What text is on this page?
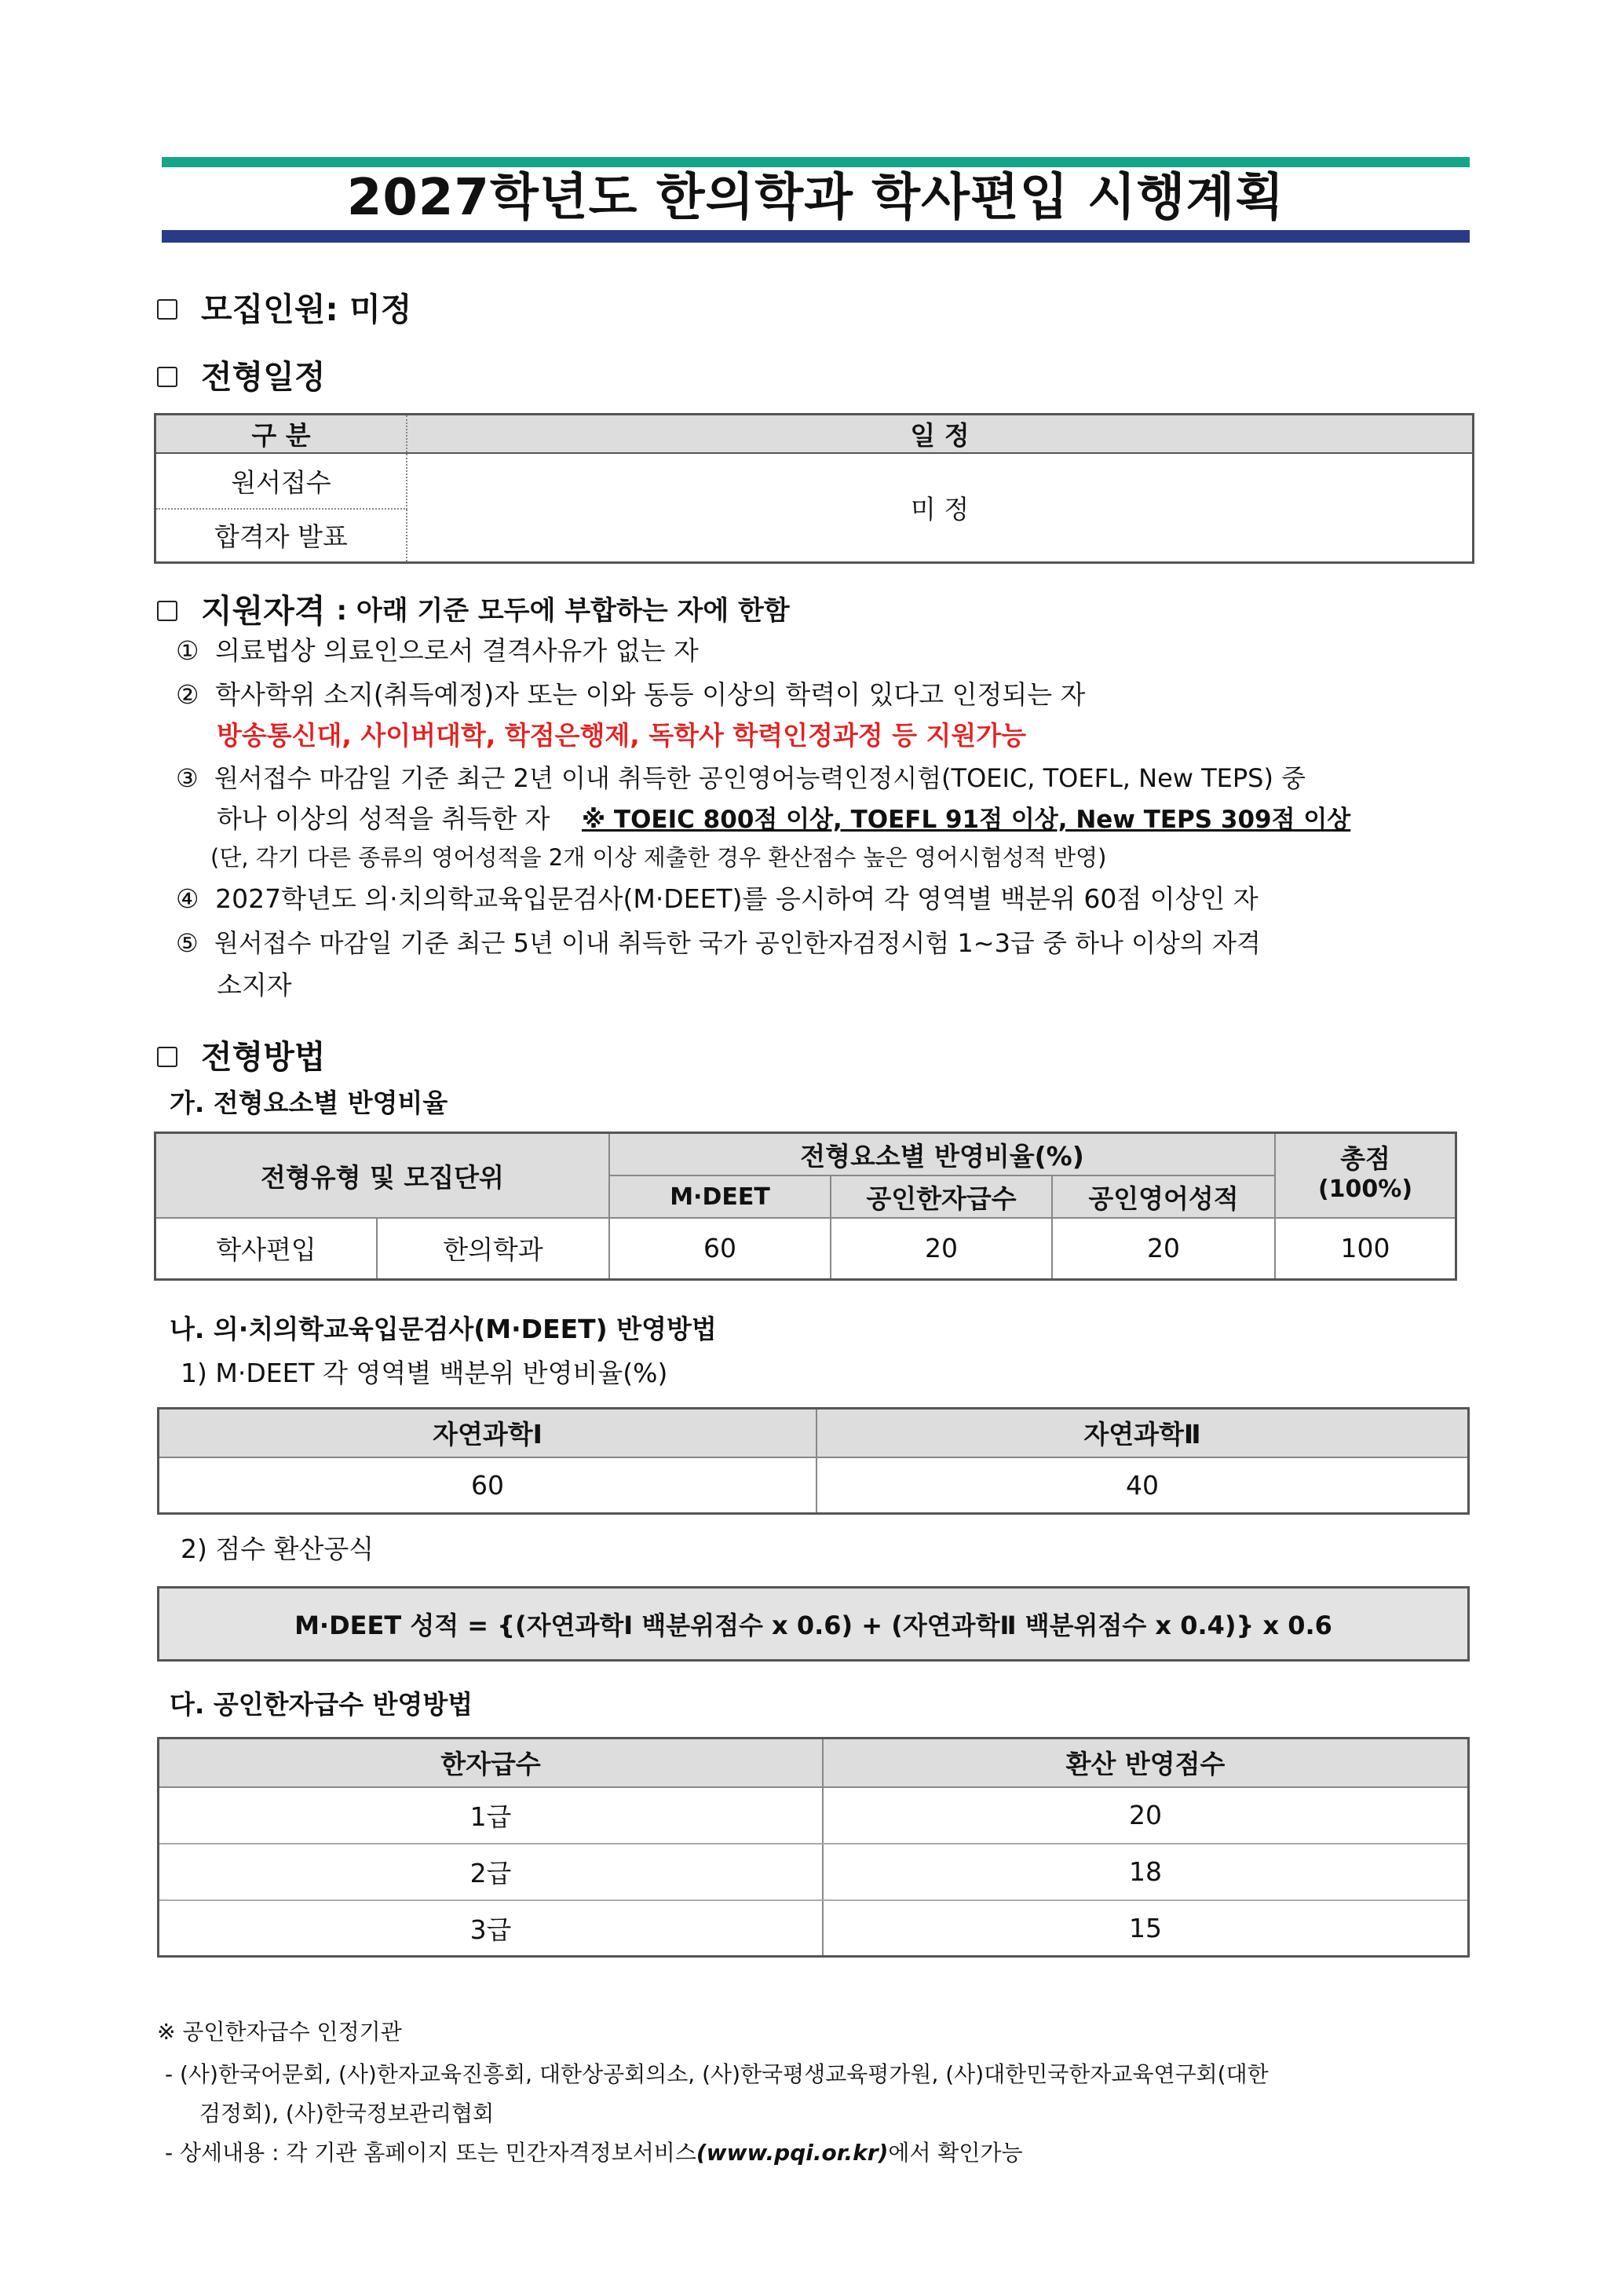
2027학년도 한의학과 학사편입 시행계획
모집인원: 미정
전형일정
구 분	일 정
원서접수	미 정
합격자 발표	
지원자격 : 아래 기준 모두에 부합하는 자에 한함
① 의료법상 의료인으로서 결격사유가 없는 자
② 학사학위 소지(취득예정)자 또는 이와 동등 이상의 학력이 있다고 인정되는 자
방송통신대, 사이버대학, 학점은행제, 독학사 학력인정과정 등 지원가능
③ 원서접수 마감일 기준 최근 2년 이내 취득한 공인영어능력인정시험(TOEIC, TOEFL, New TEPS) 중
하나 이상의 성적을 취득한 자 ※ TOEIC 800점 이상, TOEFL 91점 이상, New TEPS 309점 이상
(단, 각기 다른 종류의 영어성적을 2개 이상 제출한 경우 환산점수 높은 영어시험성적 반영)
④ 2027학년도 의·치의학교육입문검사(M·DEET)를 응시하여 각 영역별 백분위 60점 이상인 자
⑤ 원서접수 마감일 기준 최근 5년 이내 취득한 국가 공인한자검정시험 1~3급 중 하나 이상의 자격
소지자
전형방법
가. 전형요소별 반영비율
전형유형 및 모집단위		전형요소별 반영비율(%)			총점
		M·DEET	공인한자급수	공인영어성적	(100%)
학사편입	한의학과	60	20	20	100
나. 의·치의학교육입문검사(M·DEET) 반영방법
1) M·DEET 각 영역별 백분위 반영비율(%)
자연과학Ⅰ	자연과학Ⅱ
60	40
2) 점수 환산공식
M·DEET 성적 = {(자연과학Ⅰ 백분위점수 x 0.6) + (자연과학Ⅱ 백분위점수 x 0.4)} x 0.6
다. 공인한자급수 반영방법
한자급수	환산 반영점수
1급	20
2급	18
3급	15
※ 공인한자급수 인정기관
- (사)한국어문회, (사)한자교육진흥회, 대한상공회의소, (사)한국평생교육평가원, (사)대한민국한자교육연구회(대한
검정회), (사)한국정보관리협회
- 상세내용 : 각 기관 홈페이지 또는 민간자격정보서비스(www.pqi.or.kr)에서 확인가능
